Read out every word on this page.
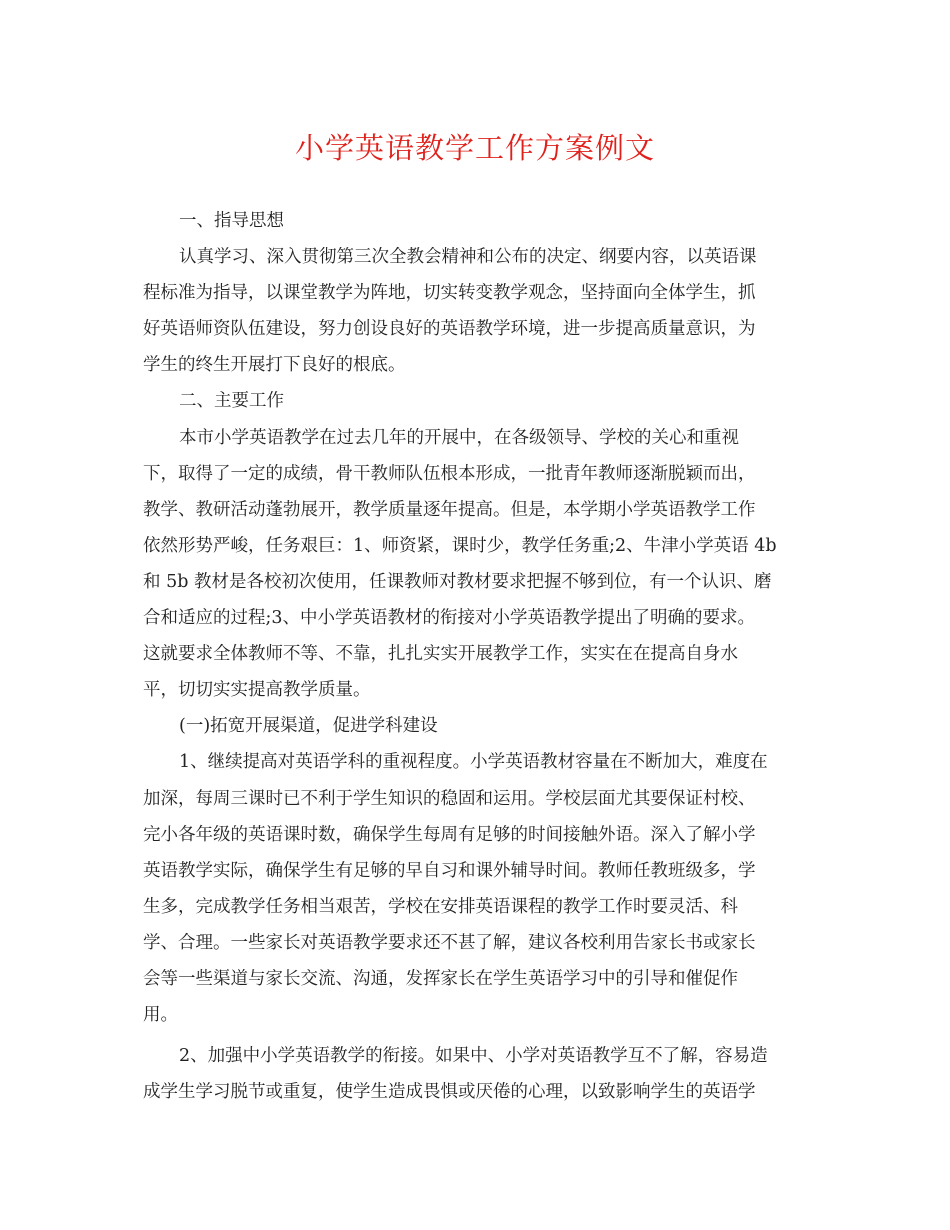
小学英语教学工作方案例文
一、指导思想
认真学习、深入贯彻第三次全教会精神和公布的决定、纲要内容，以英语课
程标准为指导，以课堂教学为阵地，切实转变教学观念，坚持面向全体学生，抓
好英语师资队伍建设，努力创设良好的英语教学环境，进一步提高质量意识，为
学生的终生开展打下良好的根底。
二、主要工作
本市小学英语教学在过去几年的开展中，在各级领导、学校的关心和重视
下，取得了一定的成绩，骨干教师队伍根本形成，一批青年教师逐渐脱颖而出，
教学、教研活动蓬勃展开，教学质量逐年提高。但是，本学期小学英语教学工作
依然形势严峻，任务艰巨：1、师资紧，课时少，教学任务重;2、牛津小学英语 4b
和 5b 教材是各校初次使用，任课教师对教材要求把握不够到位，有一个认识、磨
合和适应的过程;3、中小学英语教材的衔接对小学英语教学提出了明确的要求。
这就要求全体教师不等、不靠，扎扎实实开展教学工作，实实在在提高自身水
平，切切实实提高教学质量。
(一)拓宽开展渠道，促进学科建设
1、继续提高对英语学科的重视程度。小学英语教材容量在不断加大，难度在
加深，每周三课时已不利于学生知识的稳固和运用。学校层面尤其要保证村校、
完小各年级的英语课时数，确保学生每周有足够的时间接触外语。深入了解小学
英语教学实际，确保学生有足够的早自习和课外辅导时间。教师任教班级多，学
生多，完成教学任务相当艰苦，学校在安排英语课程的教学工作时要灵活、科
学、合理。一些家长对英语教学要求还不甚了解，建议各校利用告家长书或家长
会等一些渠道与家长交流、沟通，发挥家长在学生英语学习中的引导和催促作
用。
2、加强中小学英语教学的衔接。如果中、小学对英语教学互不了解，容易造
成学生学习脱节或重复，使学生造成畏惧或厌倦的心理，以致影响学生的英语学
